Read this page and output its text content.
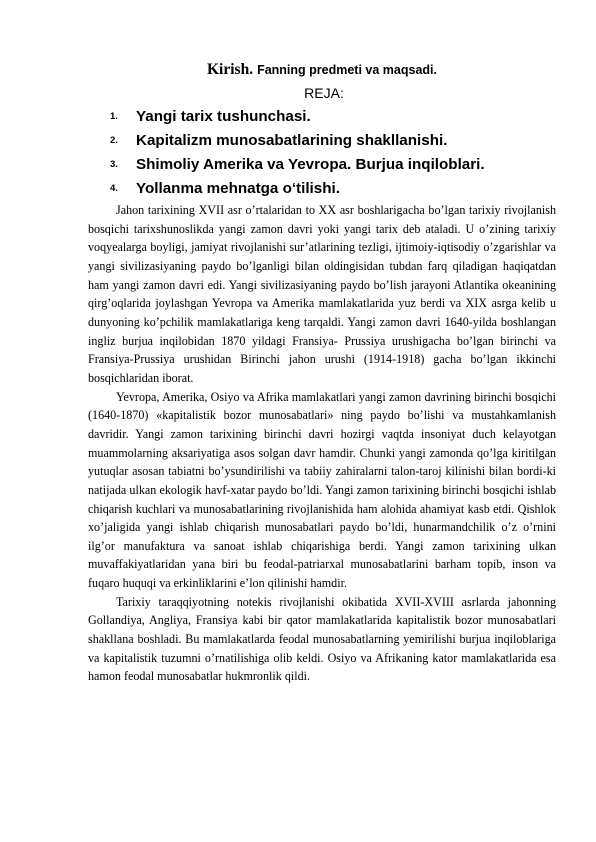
Kirish. Fanning predmeti va maqsadi.
REJA:
1. Yangi tarix tushunchasi.
2. Kapitalizm munosabatlarining shakllanishi.
3. Shimoliy Amerika va Yevropa. Burjua inqiloblari.
4. Yollanma mehnatga o‘tilishi.

Jahon tarixining XVII asr o’rtalaridan to XX asr boshlarigacha bo’lgan tarixiy rivojlanish bosqichi tarixshunoslikda yangi zamon davri yoki yangi tarix deb ataladi. U o’zining tarixiy voqyealarga boyligi, jamiyat rivojlanishi sur’atlarining tezligi, ijtimoiy-iqtisodiy o’zgarishlar va yangi sivilizasiyaning paydo bo’lganligi bilan oldingisidan tubdan farq qiladigan haqiqatdan ham yangi zamon davri edi. Yangi sivilizasiyaning paydo bo’lish jarayoni Atlantika okeanining qirg’oqlarida joylashgan Yevropa va Amerika mamlakatlarida yuz berdi va XIX asrga kelib u dunyoning ko’pchilik mamlakatlariga keng tarqaldi. Yangi zamon davri 1640-yilda boshlangan ingliz burjua inqilobidan 1870 yildagi Fransiya- Prussiya urushigacha bo’lgan birinchi va Fransiya-Prussiya urushidan Birinchi jahon urushi (1914-1918) gacha bo’lgan ikkinchi bosqichlaridan iborat.

Yevropa, Amerika, Osiyo va Afrika mamlakatlari yangi zamon davrining birinchi bosqichi (1640-1870) «kapitalistik bozor munosabatlari» ning paydo bo’lishi va mustahkamlanish davridir. Yangi zamon tarixining birinchi davri hozirgi vaqtda insoniyat duch kelayotgan muammolarning aksariyatiga asos solgan davr hamdir. Chunki yangi zamonda qo’lga kiritilgan yutuqlar asosan tabiatni bo’ysundirilishi va tabiiy zahiralarni talon-taroj kilinishi bilan bordi-ki natijada ulkan ekologik havf-xatar paydo bo’ldi. Yangi zamon tarixining birinchi bosqichi ishlab chiqarish kuchlari va munosabatlarining rivojlanishida ham alohida ahamiyat kasb etdi. Qishlok xo’jaligida yangi ishlab chiqarish munosabatlari paydo bo’ldi, hunarmandchilik o’z o’rnini ilg’or manufaktura va sanoat ishlab chiqarishiga berdi. Yangi zamon tarixining ulkan muvaffakiyatlaridan yana biri bu feodal-patriarxal munosabatlarini barham topib, inson va fuqaro huquqi va erkinliklarini e’lon qilinishi hamdir.

Tarixiy taraqqiyotning notekis rivojlanishi okibatida XVII-XVIII asrlarda jahonning Gollandiya, Angliya, Fransiya kabi bir qator mamlakatlarida kapitalistik bozor munosabatlari shakllana boshladi. Bu mamlakatlarda feodal munosabatlarning yemirilishi burjua inqiloblariga va kapitalistik tuzumni o’rnatilishiga olib keldi. Osiyo va Afrikaning kator mamlakatlarida esa hamon feodal munosabatlar hukmronlik qildi.
